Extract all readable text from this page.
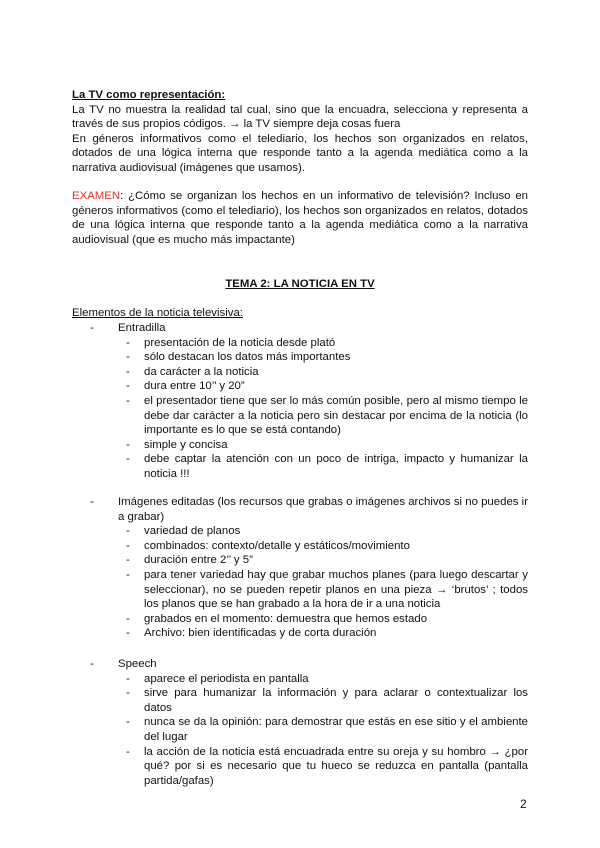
La TV como representación:
La TV no muestra la realidad tal cual, sino que la encuadra, selecciona y representa a través de sus propios códigos. → la TV siempre deja cosas fuera
En géneros informativos como el telediario, los hechos son organizados en relatos, dotados de una lógica interna que responde tanto a la agenda mediática como a la narrativa audiovisual (imágenes que usamos).
EXAMEN: ¿Cómo se organizan los hechos en un informativo de televisión? Incluso en géneros informativos (como el telediario), los hechos son organizados en relatos, dotados de una lógica interna que responde tanto a la agenda mediática como a la narrativa audiovisual (que es mucho más impactante)
TEMA 2: LA NOTICIA EN TV
Elementos de la noticia televisiva:
- Entradilla
- presentación de la noticia desde plató
- sólo destacan los datos más importantes
- da carácter a la noticia
- dura entre 10’’ y 20”
- el presentador tiene que ser lo más común posible, pero al mismo tiempo le debe dar carácter a la noticia pero sin destacar por encima de la noticia (lo importante es lo que se está contando)
- simple y concisa
- debe captar la atención con un poco de intriga, impacto y humanizar la noticia !!!
- Imágenes editadas (los recursos que grabas o imágenes archivos si no puedes ir a grabar)
- variedad de planos
- combinados: contexto/detalle y estáticos/movimiento
- duración entre 2’’ y 5”
- para tener variedad hay que grabar muchos planes (para luego descartar y seleccionar), no se pueden repetir planos en una pieza → ‘brutos’ ; todos los planos que se han grabado a la hora de ir a una noticia
- grabados en el momento: demuestra que hemos estado
- Archivo: bien identificadas y de corta duración
- Speech
- aparece el periodista en pantalla
- sirve para humanizar la información y para aclarar o contextualizar los datos
- nunca se da la opinión: para demostrar que estás en ese sitio y el ambiente del lugar
- la acción de la noticia está encuadrada entre su oreja y su hombro → ¿por qué? por si es necesario que tu hueco se reduzca en pantalla (pantalla partida/gafas)
2
